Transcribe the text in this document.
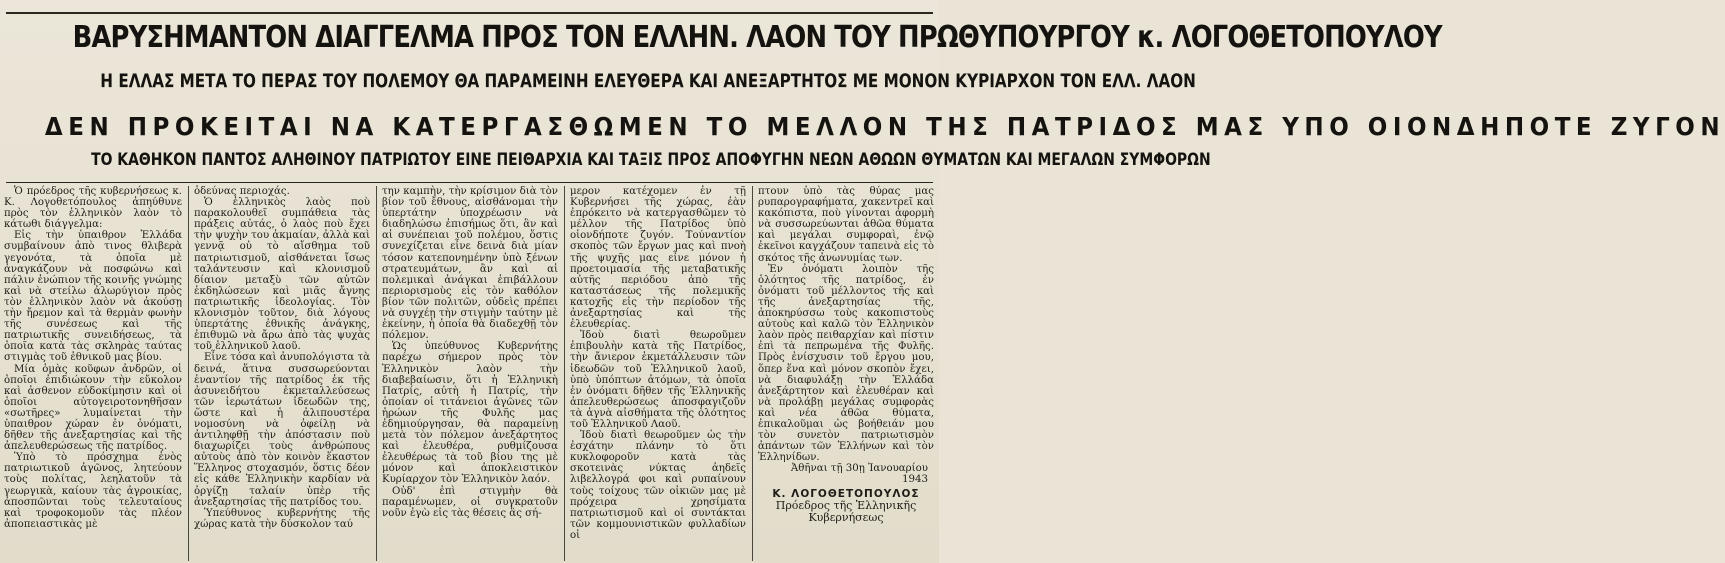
ΒΑΡΥΣΗΜΑΝΤΟΝ ΔΙΑΓΓΕΛΜΑ ΠΡΟΣ ΤΟΝ ΕΛΛΗΝ. ΛΑΟΝ ΤΟΥ ΠΡΩΘΥΠΟΥΡΓΟΥ κ. ΛΟΓΟΘΕΤΟΠΟΥΛΟΥ
Η ΕΛΛΑΣ ΜΕΤΑ ΤΟ ΠΕΡΑΣ ΤΟΥ ΠΟΛΕΜΟΥ ΘΑ ΠΑΡΑΜΕΙΝΗ ΕΛΕΥΘΕΡΑ ΚΑΙ ΑΝΕΞΑΡΤΗΤΟΣ ΜΕ ΜΟΝΟΝ ΚΥΡΙΑΡΧΟΝ ΤΟΝ ΕΛΛ. ΛΑΟΝ
ΔΕΝ ΠΡΟΚΕΙΤΑΙ ΝΑ ΚΑΤΕΡΓΑΣΘΩΜΕΝ ΤΟ ΜΕΛΛΟΝ ΤΗΣ ΠΑΤΡΙΔΟΣ ΜΑΣ ΥΠΟ ΟΙΟΝΔΗΠΟΤΕ ΖΥΓΟΝ
ΤΟ ΚΑΘΗΚΟΝ ΠΑΝΤΟΣ ΑΛΗΘΙΝΟΥ ΠΑΤΡΙΩΤΟΥ ΕΙΝΕ ΠΕΙΘΑΡΧΙΑ ΚΑΙ ΤΑΞΙΣ ΠΡΟΣ ΑΠΟΦΥΓΗΝ ΝΕΩΝ ΑΘΩΩΝ ΘΥΜΑΤΩΝ ΚΑΙ ΜΕΓΑΛΩΝ ΣΥΜΦΟΡΩΝ

Ὁ πρόεδρος τῆς κυβερνήσεως κ. Κ. Λογοθετόπουλος ἀπηύθυνε πρὸς τὸν ἑλληνικὸν λαὸν τὸ κάτωθι διάγγελμα:

Εἰς τὴν ὑπαιθρον Ἑλλάδα συμβαίνουν ἀπὸ τινος θλιβερὰ γεγονότα, τὰ ὁποῖα μὲ ἀναγκάζουν νὰ ποσφώνω καὶ πάλιν ἐνώπιον τῆς κοινῆς γνώμης καὶ νὰ στείλω ἀλωρύγιον πρὸς τὸν ἑλληνικὸν λαὸν νὰ ἀκούσῃ τὴν ἤρεμον καὶ τὰ θερμὰν φωνὴν τῆς συνέσεως καὶ τῆς πατριωτικῆς συνειδήσεως, τὰ ὁποῖα κατὰ τὰς σκληρὰς ταύτας στιγμὰς τοῦ ἐθνικοῦ μας βίου.

Μία ὁμὰς κοῦφων ἀνδρῶν, οἱ ὁποῖοι ἐπιδιώκουν τὴν εὔκολον καὶ ἀσθενον εὐδοκίμησιν καὶ οἱ ὁποῖοι αὐτογειροτονηθῆσαν «σωτῆρες» λυμαίνεται τὴν ὑπαιθρον χώραν ἐν ὀνόματι, δῆθεν τῆς ἀνεξαρτησίας καὶ τῆς ἀπελευθερώσεως τῆς πατρίδος.

Ὑπὸ τὸ πρόσχημα ἑνὸς πατριωτικοῦ ἀγῶνος, λητεύουν τοὺς πολίτας, λεηλατοῦν τὰ γεωργικὰ, καίουν τὰς ἀγροικίας, ἀποσπῶνται τοὺς τελευταίους καὶ τροφοκομοῦν τὰς πλέον ἀποπειαστικὰς μὲ

ὁδεύνας περιοχάς.

Ὁ ἑλληνικὸς λαὸς ποὺ παρακολουθεῖ συμπάθεια τὰς πράξεις αὐτάς, ὁ λαὸς ποὺ ἔχει τὴν ψυχὴν του ἀκμαίαν, ἀλλὰ καὶ γεννᾷ οὐ τὸ αἴσθημα τοῦ πατριωτισμοῦ, αἰσθάνεται ἴσως ταλάντευσιν καὶ κλονισμοῦ δίαιον μεταξὺ τῶν αὐτῶν ἐκδηλώσεων καὶ μιᾶς ἄγνης πατριωτικῆς ἰδεολογίας. Τὸν κλονισμὸν τοῦτον, διὰ λόγους ὑπερτάτης ἐθνικῆς ἀνάγκης, ἐπιθυμῶ νὰ ἄρω ἀπὸ τὰς ψυχὰς τοῦ ἑλληνικοῦ λαοῦ.

Εἶνε τόσα καὶ ἀνυπολόγιστα τὰ δεινά, ἅτινα συσσωρεύονται ἐναντίον τῆς πατρίδος ἐκ τῆς ἀσυνειδήτου ἐκμεταλλεύσεως τῶν ἱερωτάτων ἰδεωδῶν της, ὥστε καὶ ἡ ἀλιπουστέρα νομοσύνη νὰ ὀφείλῃ νὰ ἀντιληφθῇ τὴν ἀπόστασιν ποὺ διαχωρίζει τοὺς ἀνθρώπους αὐτοὺς ἀπὸ τὸν κοινὸν ἕκαστον Ἕλληνος στοχασμόν, ὅστις δέον εἰς κάθε Ἑλληνικὴν καρδίαν νὰ ὀργίζῃ ταλαίν ὑπὲρ τῆς ἀνεξαρτησίας τῆς πατρίδος του.

Ὑπεύθυνος κυβερνήτης τῆς χώρας κατὰ τὴν δύσκολον ταύ

την καμπὴν, τὴν κρίσιμον διὰ τὸν βίον τοῦ ἔθνους, αἰσθάνομαι τὴν ὑπερτάτην ὑποχρέωσιν νὰ διαδηλώσω ἐπισήμως ὅτι, ἂν καὶ αἱ συνέπειαι τοῦ πολέμου, ὅστις συνεχίζεται εἶνε δεινὰ διὰ μίαν τόσον κατεπονημένην ὑπὸ ξένων στρατευμάτων, ἂν καὶ αἱ πολεμικαὶ ἀνάγκαι ἐπιβάλλουν περιορισμοὺς εἰς τὸν καθόλον βίον τῶν πολιτῶν, οὐδεὶς πρέπει νὰ συγχέῃ τὴν στιγμὴν ταύτην μὲ ἐκείνην, ἡ ὁποία θὰ διαδεχθῇ τὸν πόλεμον.

Ὡς ὑπεύθυνος Κυβερνήτης παρέχω σήμερον πρὸς τὸν Ἑλληνικὸν λαὸν τὴν διαβεβαίωσιν, ὅτι ἡ Ἑλληνικὴ Πατρίς, αὐτὴ ἡ Πατρίς, τὴν ὁποίαν οἱ τιτάνειοι ἀγῶνες τῶν ἡρώων τῆς Φυλῆς μας ἐδημιούργησαν, θὰ παραμείνῃ μετὰ τὸν πόλεμον ἀνεξάρτητος καὶ ἐλευθέρα, ρυθμίζουσα ἐλευθέρως τὰ τοῦ βίου της μὲ μόνον καὶ ἀποκλειστικὸν Κυρίαρχον τὸν Ἑλληνικὸν λαόν.

Οὐδ' ἐπὶ στιγμὴν θὰ παραμένωμεν, οἱ συγκρατοῦν νοῦν ἐγὼ εἰς τὰς θέσεις ἂς σή-

μερον κατέχομεν ἐν τῇ Κυβερνήσει τῆς χώρας, ἐὰν ἐπρόκειτο νὰ κατεργασθῶμεν τὸ μέλλον τῆς Πατρίδος ὑπὸ οἱονδήποτε ζυγόν. Τούναντίον σκοπὸς τῶν ἔργων μας καὶ πνοὴ τῆς ψυχῆς μας εἶνε μόνον ἡ προετοιμασία τῆς μεταβατικῆς αὐτῆς περιόδου ἀπὸ τῆς καταστάσεως τῆς πολεμικῆς κατοχῆς εἰς τὴν περίοδον τῆς ἀνεξαρτησίας καὶ τῆς ἐλευθερίας.

Ἰδοὺ διατὶ θεωροῦμεν ἐπιβουλὴν κατὰ τῆς Πατρίδος, τὴν ἄνιερον ἐκμετάλλευσιν τῶν ἰδεωδῶν τοῦ Ἑλληνικοῦ λαοῦ, ὑπὸ ὑπόπτων ἀτόμων, τὰ ὁποῖα ἐν ὀνόματι δῆθεν τῆς Ἑλληνικῆς ἀπελευθερώσεως ἀποσφαγιζοῦν τὰ ἁγνὰ αἰσθήματα τῆς ὁλότητος τοῦ Ἑλληνικοῦ Λαοῦ.

Ἰδοὺ διατὶ θεωροῦμεν ὡς τὴν ἐσχάτην πλάνην τὸ ὅτι κυκλοφοροῦν κατὰ τὰς σκοτεινὰς νύκτας ἀηδεῖς λιβελλογρά φοι καὶ ρυπαίνουν τοὺς τοίχους τῶν οἰκιῶν μας μὲ πρόχειρα χρησίματα πατριωτισμοῦ καὶ οἱ συντάκται τῶν κομμουνιστικῶν φυλλαδίων οἱ

πτουν ὑπὸ τὰς θύρας μας ρυπαρογραφήματα, χακεντρεῖ καὶ κακόπιστα, ποὺ γίνονται ἀφορμὴ νὰ συσσωρεύωνται ἀθῶα θύματα καὶ μεγάλαι συμφοραὶ, ἐνῷ ἐκεῖνοι καγχάζουν ταπεινὰ εἰς τὸ σκότος τῆς ἀνωνυμίας των.

Ἐν ὀνόματι λοιπὸν τῆς ὁλότητος τῆς πατρίδος, ἐν ὀνόματι τοῦ μέλλοντος τῆς καὶ τῆς ἀνεξαρτησίας τῆς, ἀποκηρύσσω τοὺς κακοπιστοὺς αὐτοὺς καὶ καλῶ τὸν Ἑλληνικὸν λαὸν πρὸς πειθαρχίαν καὶ πίστιν ἐπὶ τὰ πεπρωμένα τῆς Φυλῆς. Πρὸς ἐνίσχυσιν τοῦ ἔργου μου, ὅπερ ἕνα καὶ μόνον σκοπὸν ἔχει, νὰ διαφυλάξῃ τὴν Ἑλλάδα ἀνεξάρτητον καὶ ἐλευθέραν καὶ νὰ προλάβῃ μεγάλας συμφορὰς καὶ νέα ἀθῶα θύματα, ἐπικαλοῦμαι ὡς βοήθειάν μου τὸν συνετὸν πατριωτισμὸν ἁπάντων τῶν Ἑλλήνων καὶ τὸν Ἑλληνίδων.

Ἀθῆναι τῇ 30ῃ Ἰανουαρίου 1943

Κ. ΛΟΓΟΘΕΤΟΠΟΥΛΟΣ
Πρόεδρος τῆς Ἑλληνικῆς Κυβερνήσεως
